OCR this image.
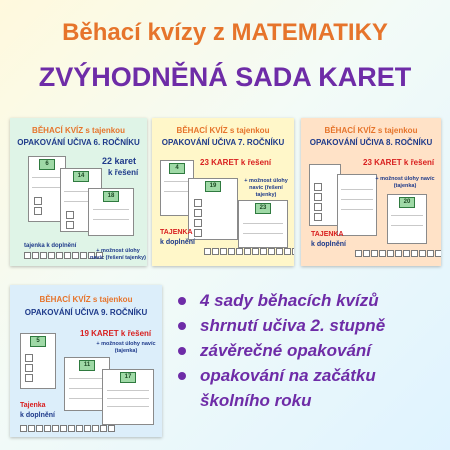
Běhací kvízy z MATEMATIKY
ZVÝHODNĚNÁ SADA KARET
BĚHACÍ KVÍZ s tajenkou
OPAKOVÁNÍ UČIVA 6. ROČNÍKU
22 karet
k řešení
6
14
18
tajenka k doplnění
+ možnost úlohy navíc (řešení tajenky)
BĚHACÍ KVÍZ s tajenkou
OPAKOVÁNÍ UČIVA 7. ROČNÍKU
23 KARET k řešení
4
19
23
+ možnost úlohy navíc (řešení tajenky)
TAJENKA
k doplnění
BĚHACÍ KVÍZ s tajenkou
OPAKOVÁNÍ UČIVA 8. ROČNÍKU
23 KARET k řešení
20
+ možnost úlohy navíc (tajenka)
TAJENKA
k doplnění
BĚHACÍ KVÍZ s tajenkou
OPAKOVÁNÍ UČIVA 9. ROČNÍKU
19 KARET k řešení
+ možnost úlohy navíc (tajenka)
5
11
17
Tajenka
k doplnění
4 sady běhacích kvízů
shrnutí učiva 2. stupně
závěrečné opakování
opakování na začátku školního roku
